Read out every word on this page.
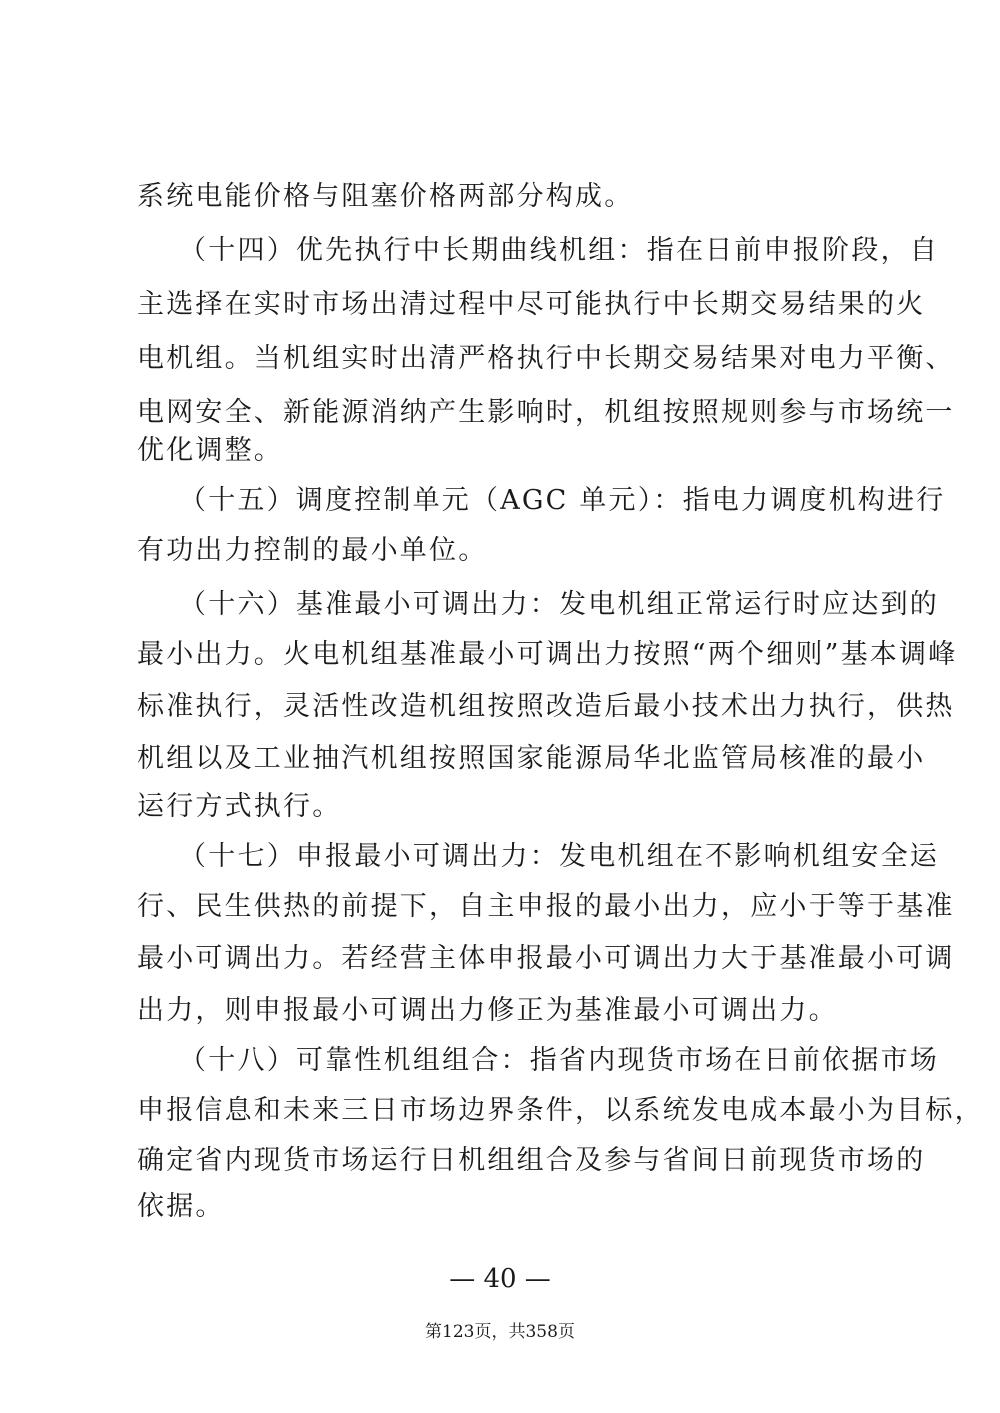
系统电能价格与阻塞价格两部分构成。
（十四）优先执行中长期曲线机组：指在日前申报阶段，自
主选择在实时市场出清过程中尽可能执行中长期交易结果的火
电机组。当机组实时出清严格执行中长期交易结果对电力平衡、
电网安全、新能源消纳产生影响时，机组按照规则参与市场统一
优化调整。
（十五）调度控制单元（AGC 单元）：指电力调度机构进行
有功出力控制的最小单位。
（十六）基准最小可调出力：发电机组正常运行时应达到的
最小出力。火电机组基准最小可调出力按照“两个细则”基本调峰
标准执行，灵活性改造机组按照改造后最小技术出力执行，供热
机组以及工业抽汽机组按照国家能源局华北监管局核准的最小
运行方式执行。
（十七）申报最小可调出力：发电机组在不影响机组安全运
行、民生供热的前提下，自主申报的最小出力，应小于等于基准
最小可调出力。若经营主体申报最小可调出力大于基准最小可调
出力，则申报最小可调出力修正为基准最小可调出力。
（十八）可靠性机组组合：指省内现货市场在日前依据市场
申报信息和未来三日市场边界条件，以系统发电成本最小为目标，
确定省内现货市场运行日机组组合及参与省间日前现货市场的
依据。
— 40 —
第123页，共358页
